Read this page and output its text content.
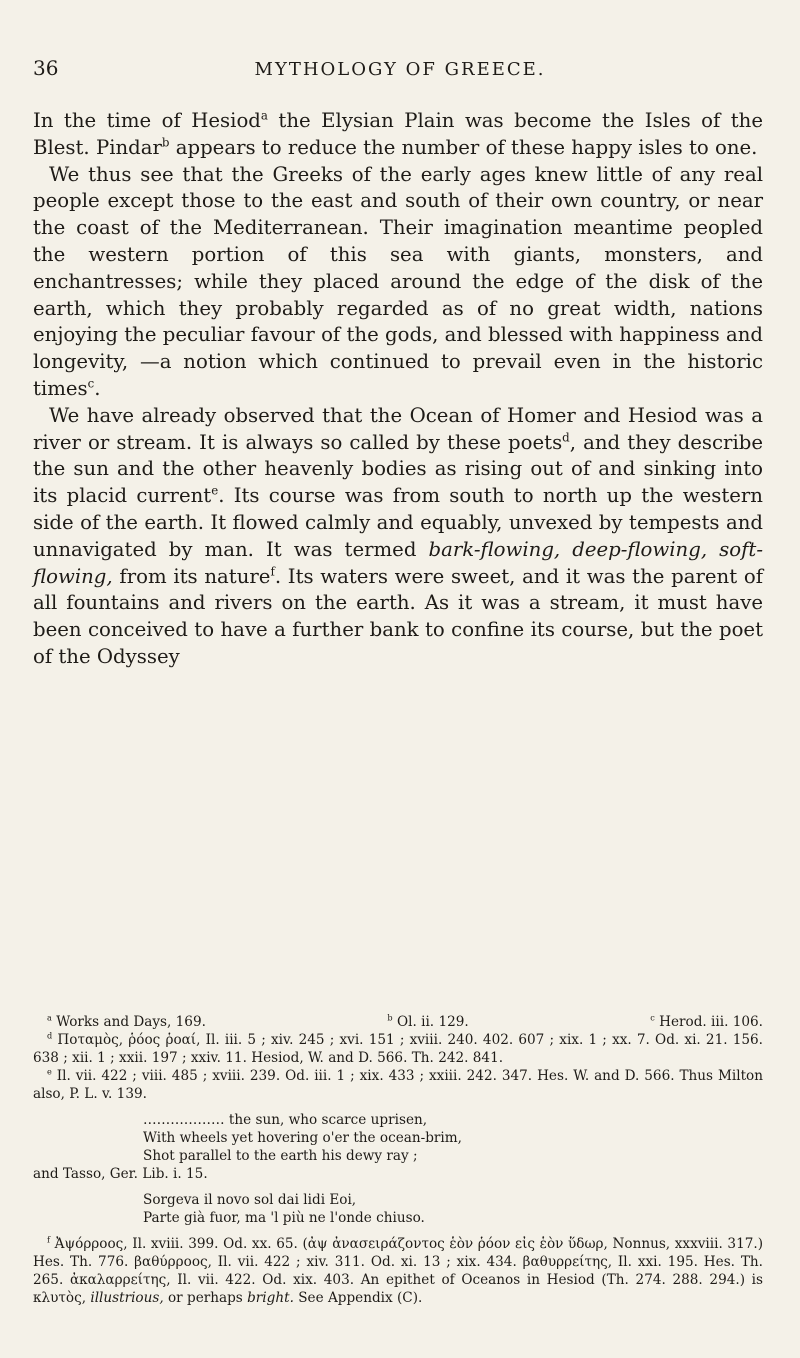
36	MYTHOLOGY OF GREECE.

In the time of Hesiod$^a$ the Elysian Plain was become the Isles of the Blest. Pindar$^b$ appears to reduce the number of these happy isles to one.

We thus see that the Greeks of the early ages knew little of any real people except those to the east and south of their own country, or near the coast of the Mediterranean. Their imagination meantime peopled the western portion of this sea with giants, monsters, and enchantresses; while they placed around the edge of the disk of the earth, which they probably regarded as of no great width, nations enjoying the peculiar favour of the gods, and blessed with happiness and longevity, —a notion which continued to prevail even in the historic times$^c$.

We have already observed that the Ocean of Homer and Hesiod was a river or stream. It is always so called by these poets$^d$, and they describe the sun and the other heavenly bodies as rising out of and sinking into its placid current$^e$. Its course was from south to north up the western side of the earth. It flowed calmly and equably, unvexed by tempests and unnavigated by man. It was termed bark-flowing, deep-flowing, soft-flowing, from its nature$^f$. Its waters were sweet, and it was the parent of all fountains and rivers on the earth. As it was a stream, it must have been conceived to have a further bank to confine its course, but the poet of the Odyssey

$^a$ Works and Days, 169.	$^b$ Ol. ii. 129.	$^c$ Herod. iii. 106.

$^d$ Ποταμὸς, ῥόος ῥοαί, Il. iii. 5 ; xiv. 245 ; xvi. 151 ; xviii. 240. 402. 607 ; xix. 1 ; xx. 7. Od. xi. 21. 156. 638 ; xii. 1 ; xxii. 197 ; xxiv. 11. Hesiod, W. and D. 566. Th. 242. 841.

$^e$ Il. vii. 422 ; viii. 485 ; xviii. 239. Od. iii. 1 ; xix. 433 ; xxiii. 242. 347. Hes. W. and D. 566. Thus Milton also, P. L. v. 139.

……………… the sun, who scarce uprisen,
With wheels yet hovering o'er the ocean-brim,
Shot parallel to the earth his dewy ray ;
and Tasso, Ger. Lib. i. 15.
Sorgeva il novo sol dai lidi Eoi,
Parte già fuor, ma 'l più ne l'onde chiuso.

$^f$ Ἀψόρροος, Il. xviii. 399. Od. xx. 65. (ἀψ ἀνασειράζοντος ἑὸν ῥόον εἰς ἑὸν ὕδωρ, Nonnus, xxxviii. 317.) Hes. Th. 776. βαθύρροος, Il. vii. 422 ; xiv. 311. Od. xi. 13 ; xix. 434. βαθυρρείτης, Il. xxi. 195. Hes. Th. 265. ἀκαλαρρείτης, Il. vii. 422. Od. xix. 403. An epithet of Oceanos in Hesiod (Th. 274. 288. 294.) is κλυτὸς, illustrious, or perhaps bright. See Appendix (C).
